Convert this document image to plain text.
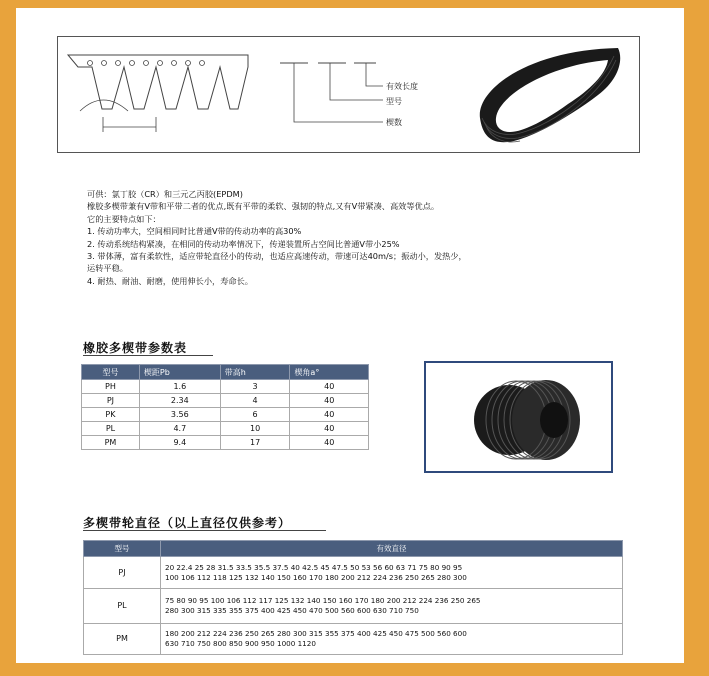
有效长度
型号
楔数
可供：氯丁胶（CR）和三元乙丙胶(EPDM)
橡胶多楔带兼有V带和平带二者的优点,既有平带的柔软、强韧的特点,又有V带紧凑、高效等优点。
它的主要特点如下：
1. 传动功率大，空间相同时比普通V带的传动功率的高30%
2. 传动系统结构紧凑，在相同的传动功率情况下，传递装置所占空间比普通V带小25%
3. 带体薄，富有柔软性，适应带轮直径小的传动，也适应高速传动，带速可达40m/s；振动小，发热少，
运转平稳。
4. 耐热、耐油、耐磨，使用伸长小，寿命长。
橡胶多楔带参数表
型号	楔距Pb	带高h	楔角a°
PH	1.6	3	40
PJ	2.34	4	40
PK	3.56	6	40
PL	4.7	10	40
PM	9.4	17	40
多楔带轮直径（以上直径仅供参考）
型号	有效直径
PJ	20 22.4 25 28 31.5 33.5 35.5 37.5 40 42.5 45 47.5 50 53 56 60 63 71 75 80 90 95
100 106 112 118 125 132 140 150 160 170 180 200 212 224 236 250 265 280 300

PL	75 80 90 95 100 106 112 117 125 132 140 150 160 170 180 200 212 224 236 250 265
280 300 315 335 355 375 400 425 450 470 500 560 600 630 710 750

PM	180 200 212 224 236 250 265 280 300 315 355 375 400 425 450 475 500 560 600
630 710 750 800 850 900 950 1000 1120
